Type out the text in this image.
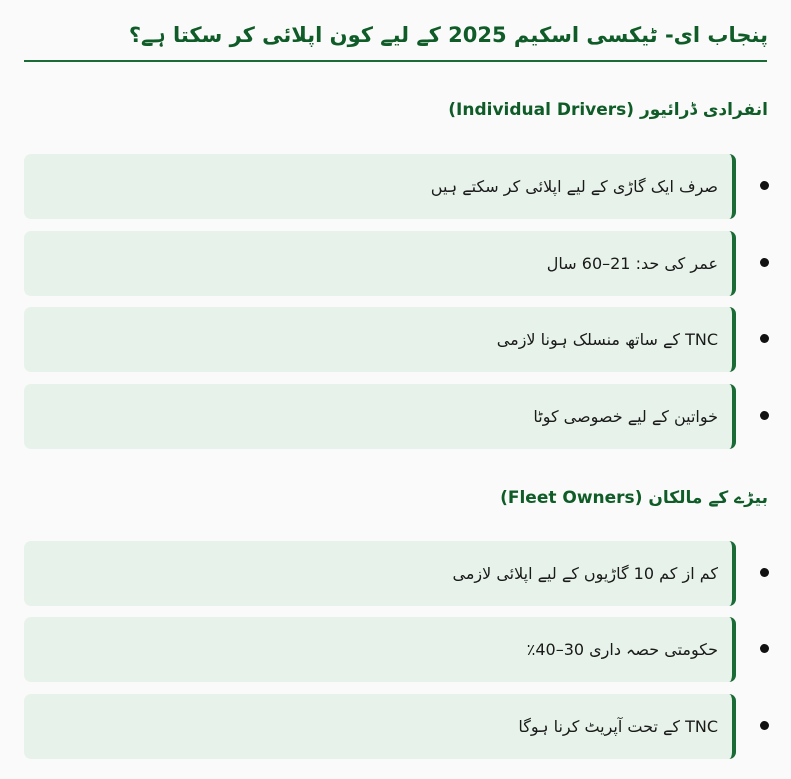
پنجاب ای- ٹیکسی اسکیم 2025 کے لیے کون اپلائی کر سکتا ہے؟
انفرادی ڈرائیور (Individual Drivers)
صرف ایک گاڑی کے لیے اپلائی کر سکتے ہیں
عمر کی حد: 21–60 سال
TNC کے ساتھ منسلک ہونا لازمی
خواتین کے لیے خصوصی کوٹا
بیڑے کے مالکان (Fleet Owners)
کم از کم 10 گاڑیوں کے لیے اپلائی لازمی
حکومتی حصہ داری 30–40٪
TNC کے تحت آپریٹ کرنا ہوگا
